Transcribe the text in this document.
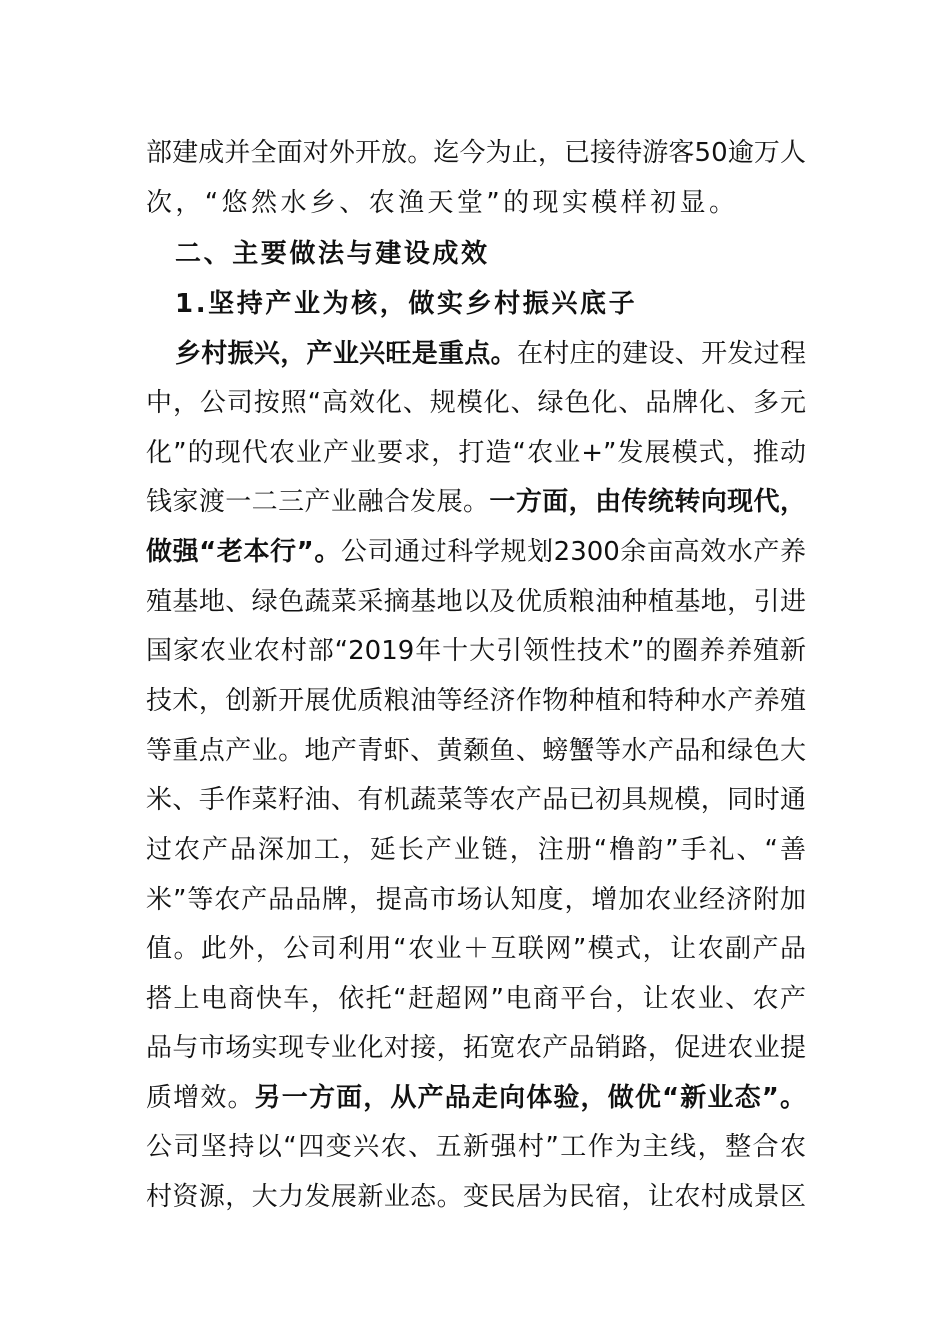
部建成并全面对外开放。迄今为止，已接待游客50逾万人
次，“悠然水乡、农渔天堂”的现实模样初显。
二、主要做法与建设成效
1.坚持产业为核，做实乡村振兴底子
乡村振兴，产业兴旺是重点。在村庄的建设、开发过程
中，公司按照“高效化、规模化、绿色化、品牌化、多元
化”的现代农业产业要求，打造“农业+”发展模式，推动
钱家渡一二三产业融合发展。一方面，由传统转向现代，
做强“老本行”。公司通过科学规划2300余亩高效水产养
殖基地、绿色蔬菜采摘基地以及优质粮油种植基地，引进
国家农业农村部“2019年十大引领性技术”的圈养养殖新
技术，创新开展优质粮油等经济作物种植和特种水产养殖
等重点产业。地产青虾、黄颡鱼、螃蟹等水产品和绿色大
米、手作菜籽油、有机蔬菜等农产品已初具规模，同时通
过农产品深加工，延长产业链，注册“橹韵”手礼、“善
米”等农产品品牌，提高市场认知度，增加农业经济附加
值。此外，公司利用“农业＋互联网”模式，让农副产品
搭上电商快车，依托“赶超网”电商平台，让农业、农产
品与市场实现专业化对接，拓宽农产品销路，促进农业提
质增效。另一方面，从产品走向体验，做优“新业态”。
公司坚持以“四变兴农、五新强村”工作为主线，整合农
村资源，大力发展新业态。变民居为民宿，让农村成景区
